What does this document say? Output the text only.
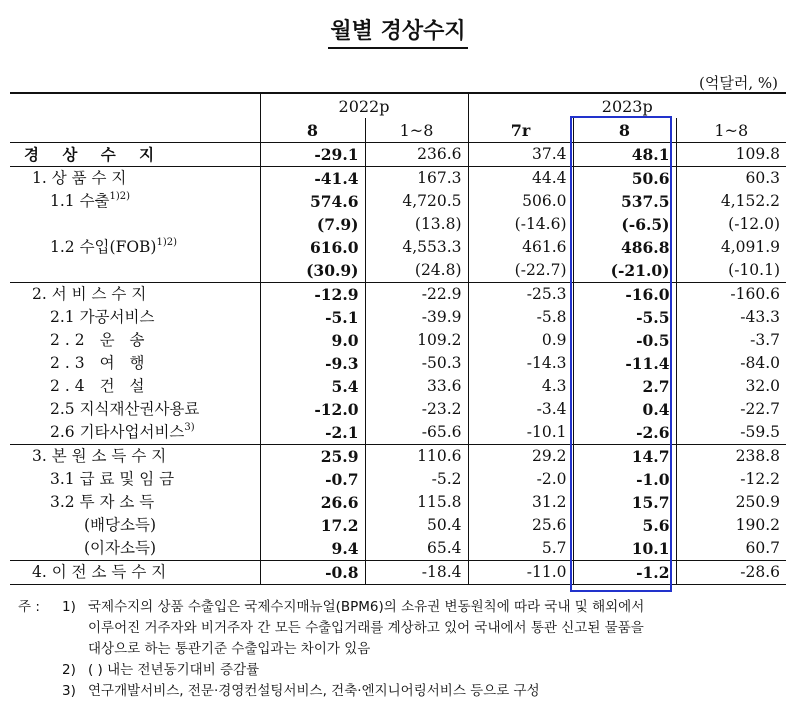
월별 경상수지
(억달러, %)
	2022p		2023p		
	8	1~8	7r	8	1~8
경 상 수 지	-29.1	236.6	37.4	48.1	109.8
1. 상 품 수 지	-41.4	167.3	44.4	50.6	60.3
1.1 수출$^{1)2)}$	574.6	4,720.5	506.0	537.5	4,152.2
	(7.9)	(13.8)	(-14.6)	(-6.5)	(-12.0)
1.2 수입(FOB)$^{1)2)}$	616.0	4,553.3	461.6	486.8	4,091.9
	(30.9)	(24.8)	(-22.7)	(-21.0)	(-10.1)
2. 서 비 스 수 지	-12.9	-22.9	-25.3	-16.0	-160.6
2.1 가공서비스	-5.1	-39.9	-5.8	-5.5	-43.3
2.2 운 송	9.0	109.2	0.9	-0.5	-3.7
2.3 여 행	-9.3	-50.3	-14.3	-11.4	-84.0
2.4 건 설	5.4	33.6	4.3	2.7	32.0
2.5 지식재산권사용료	-12.0	-23.2	-3.4	0.4	-22.7
2.6 기타사업서비스$^{3)}$	-2.1	-65.6	-10.1	-2.6	-59.5
3. 본 원 소 득 수 지	25.9	110.6	29.2	14.7	238.8
3.1 급 료 및 임 금	-0.7	-5.2	-2.0	-1.0	-12.2
3.2 투 자 소 득	26.6	115.8	31.2	15.7	250.9
(배당소득)	17.2	50.4	25.6	5.6	190.2
(이자소득)	9.4	65.4	5.7	10.1	60.7
4. 이 전 소 득 수 지	-0.8	-18.4	-11.0	-1.2	-28.6
주 :	1) 국제수지의 상품 수출입은 국제수지매뉴얼(BPM6)의 소유권 변동원칙에 따라 국내 및 해외에서
이루어진 거주자와 비거주자 간 모든 수출입거래를 계상하고 있어 국내에서 통관 신고된 물품을
대상으로 하는 통관기준 수출입과는 차이가 있음
2) ( ) 내는 전년동기대비 증감률
3) 연구개발서비스, 전문·경영컨설팅서비스, 건축·엔지니어링서비스 등으로 구성
